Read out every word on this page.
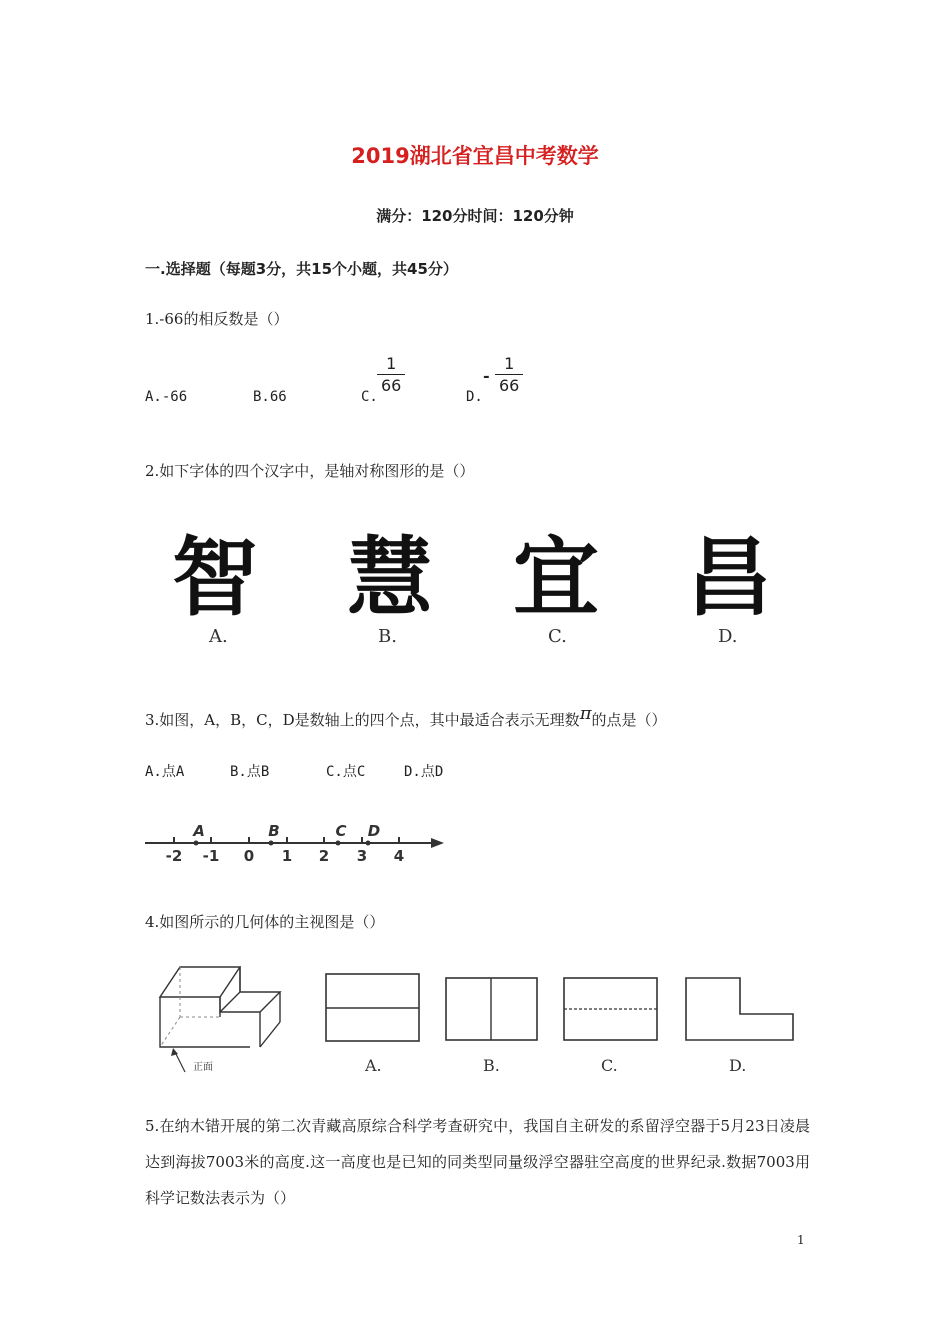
2019湖北省宜昌中考数学
满分：120分时间：120分钟
一.选择题（每题3分，共15个小题，共45分）
1.-66的相反数是（）
A.-66	B.66	C.
1
66
D.
-
1
66
2.如下字体的四个汉字中，是轴对称图形的是（）
智 慧 宜 昌
A.	B.	C.	D.
3.如图，A，B，C，D是数轴上的四个点，其中最适合表示无理数π的点是（）
A.点A	B.点B	C.点C	D.点D
-2 -1 0 1 2 3 4
A	B	C D
4.如图所示的几何体的主视图是（）
正面	A.	B.	C.	D.
5.在纳木错开展的第二次青藏高原综合科学考查研究中，我国自主研发的系留浮空器于5月23日凌晨达到海拔7003米的高度.这一高度也是已知的同类型同量级浮空器驻空高度的世界纪录.数据7003用科学记数法表示为（）
1
